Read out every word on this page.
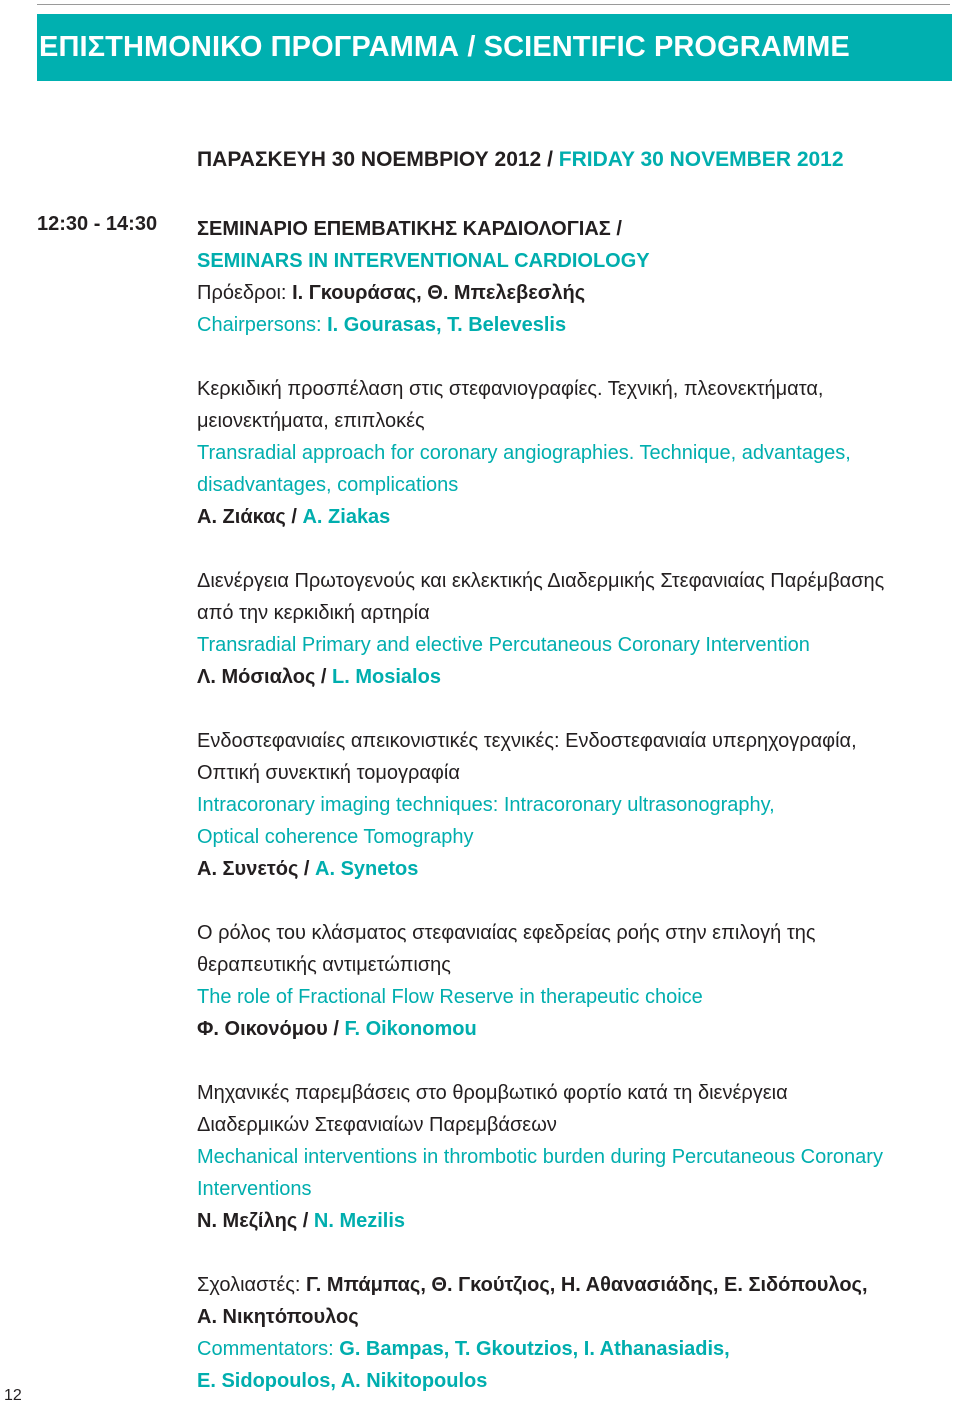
ΕΠΙΣΤΗΜΟΝΙΚΟ ΠΡΟΓΡΑΜΜΑ / SCIENTIFIC PROGRAMME
ΠΑΡΑΣΚΕΥΗ 30 ΝΟΕΜΒΡΙΟΥ 2012 / FRIDAY 30 NOVEMBER 2012
12:30 - 14:30 ΣΕΜΙΝΑΡΙΟ ΕΠΕΜΒΑΤΙΚΗΣ ΚΑΡΔΙΟΛΟΓΙΑΣ /
SEMINARS IN INTERVENTIONAL CARDIOLOGY
Πρόεδροι: Ι. Γκουράσας, Θ. Μπελεβεσλής
Chairpersons: I. Gourasas, T. Beleveslis
Κερκιδική προσπέλαση στις στεφανιογραφίες. Τεχνική, πλεονεκτήματα,
μειονεκτήματα, επιπλοκές
Transradial approach for coronary angiographies. Technique, advantages,
disadvantages, complications
Α. Ζιάκας / A. Ziakas
Διενέργεια Πρωτογενούς και εκλεκτικής Διαδερμικής Στεφανιαίας Παρέμβασης
από την κερκιδική αρτηρία
Transradial Primary and elective Percutaneous Coronary Intervention
Λ. Μόσιαλος / L. Mosialos
Ενδοστεφανιαίες απεικονιστικές τεχνικές: Ενδοστεφανιαία υπερηχογραφία,
Οπτική συνεκτική τομογραφία
Intracoronary imaging techniques: Intracoronary ultrasonography,
Optical coherence Tomography
Α. Συνετός / A. Synetos
Ο ρόλος του κλάσματος στεφανιαίας εφεδρείας ροής στην επιλογή της
θεραπευτικής αντιμετώπισης
The role of Fractional Flow Reserve in therapeutic choice
Φ. Οικονόμου / F. Oikonomou
Μηχανικές παρεμβάσεις στο θρομβωτικό φορτίο κατά τη διενέργεια
Διαδερμικών Στεφανιαίων Παρεμβάσεων
Mechanical interventions in thrombotic burden during Percutaneous Coronary
Interventions
Ν. Μεζίλης / N. Mezilis
Σχολιαστές: Γ. Μπάμπας, Θ. Γκούτζιος, Η. Αθανασιάδης, Ε. Σιδόπουλος,
Α. Νικητόπουλος
Commentators: G. Bampas, T. Gkoutzios, I. Athanasiadis,
E. Sidopoulos, A. Nikitopoulos
12
